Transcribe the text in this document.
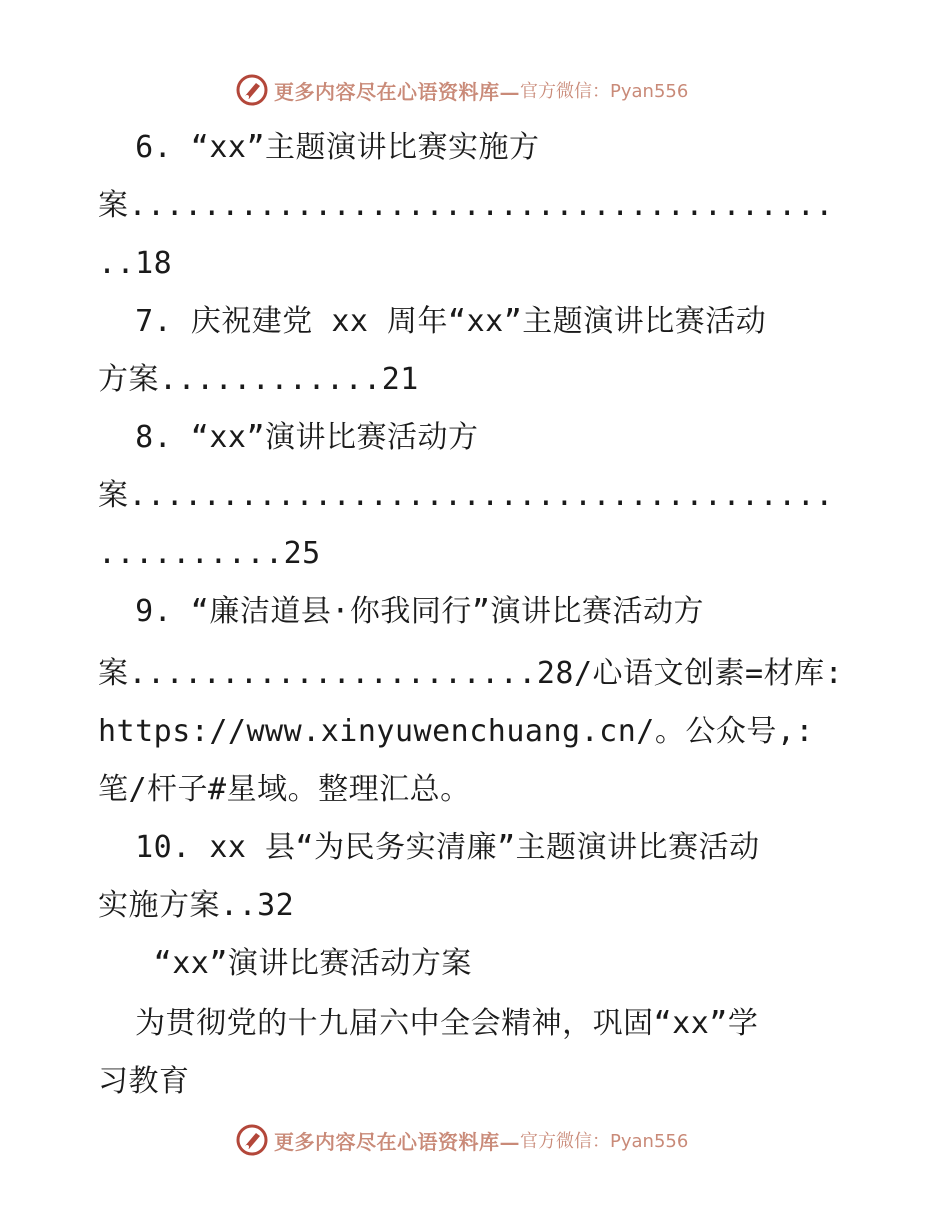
更多内容尽在心语资料库— 官方微信：Pyan556
6. “xx”主题演讲比赛实施方
案......................................
..18
7. 庆祝建党 xx 周年“xx”主题演讲比赛活动
方案............21
8. “xx”演讲比赛活动方
案......................................
..........25
9. “廉洁道县·你我同行”演讲比赛活动方
案......................28/心语文创素=材库:
https://www.xinyuwenchuang.cn/。公众号,:
笔/杆子#星域。整理汇总。
10. xx 县“为民务实清廉”主题演讲比赛活动
实施方案..32
“xx”演讲比赛活动方案
为贯彻党的十九届六中全会精神，巩固“xx”学
习教育
更多内容尽在心语资料库— 官方微信：Pyan556
